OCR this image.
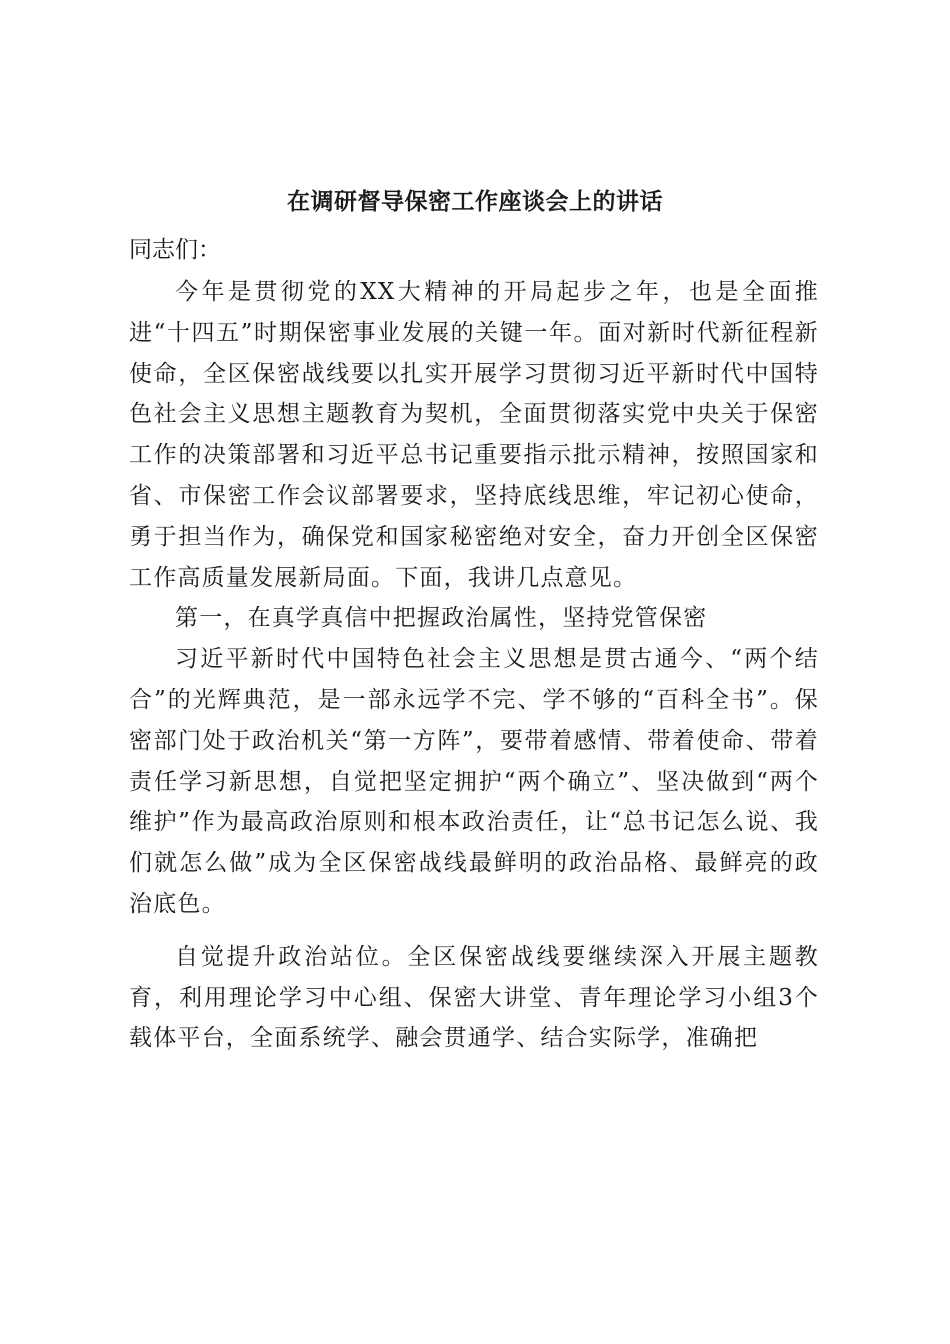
在调研督导保密工作座谈会上的讲话
同志们：

今年是贯彻党的XX大精神的开局起步之年，也是全面推进“十四五”时期保密事业发展的关键一年。面对新时代新征程新使命，全区保密战线要以扎实开展学习贯彻习近平新时代中国特色社会主义思想主题教育为契机，全面贯彻落实党中央关于保密工作的决策部署和习近平总书记重要指示批示精神，按照国家和省、市保密工作会议部署要求，坚持底线思维，牢记初心使命，勇于担当作为，确保党和国家秘密绝对安全，奋力开创全区保密工作高质量发展新局面。下面，我讲几点意见。

第一，在真学真信中把握政治属性，坚持党管保密

习近平新时代中国特色社会主义思想是贯古通今、“两个结合”的光辉典范，是一部永远学不完、学不够的“百科全书”。保密部门处于政治机关“第一方阵”，要带着感情、带着使命、带着责任学习新思想，自觉把坚定拥护“两个确立”、坚决做到“两个维护”作为最高政治原则和根本政治责任，让“总书记怎么说、我们就怎么做”成为全区保密战线最鲜明的政治品格、最鲜亮的政治底色。

自觉提升政治站位。全区保密战线要继续深入开展主题教育，利用理论学习中心组、保密大讲堂、青年理论学习小组3个载体平台，全面系统学、融会贯通学、结合实际学，准确把
